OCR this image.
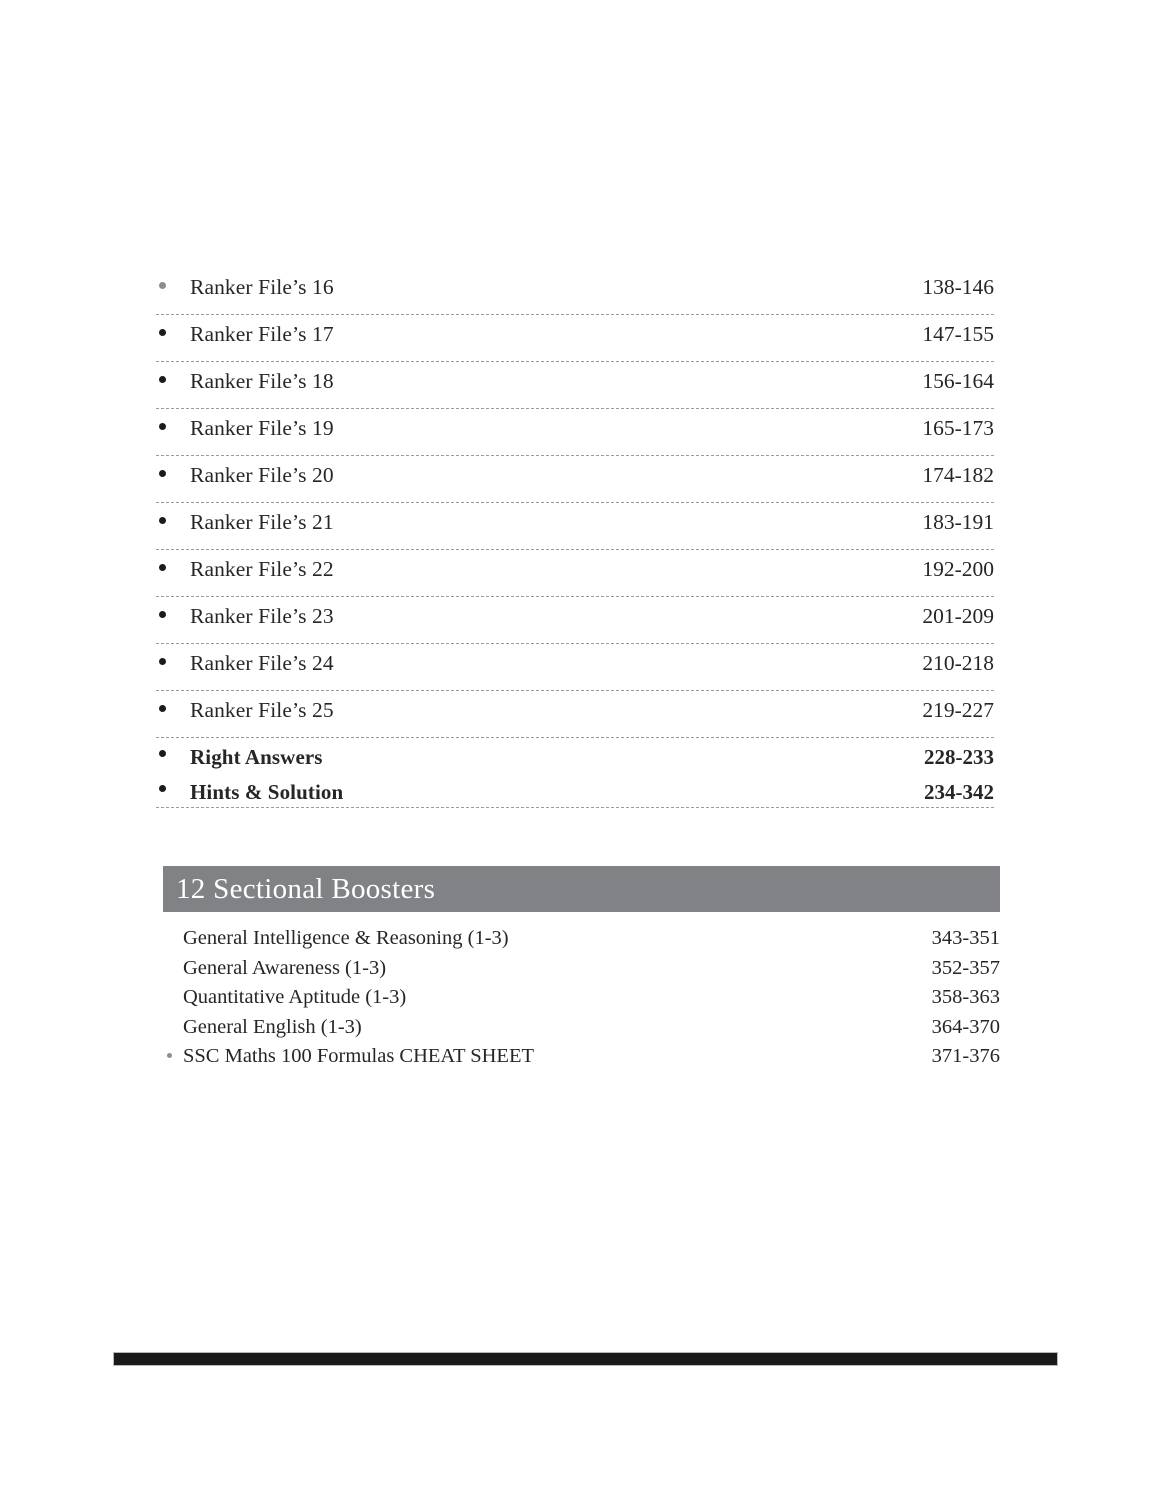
Ranker File’s 16	138-146
Ranker File’s 17	147-155
Ranker File’s 18	156-164
Ranker File’s 19	165-173
Ranker File’s 20	174-182
Ranker File’s 21	183-191
Ranker File’s 22	192-200
Ranker File’s 23	201-209
Ranker File’s 24	210-218
Ranker File’s 25	219-227
Right Answers	228-233
Hints & Solution	234-342
12 Sectional Boosters
General Intelligence & Reasoning (1-3)	343-351
General Awareness (1-3)	352-357
Quantitative Aptitude (1-3)	358-363
General English (1-3)	364-370
SSC Maths 100 Formulas CHEAT SHEET	371-376
